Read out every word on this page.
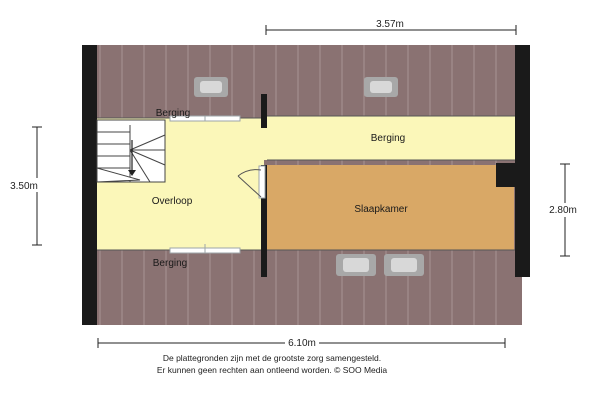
Berging
Berging
Overloop
Slaapkamer
Berging
3.57m
3.50m
2.80m
6.10m
De plattegronden zijn met de grootste zorg samengesteld.
Er kunnen geen rechten aan ontleend worden. © SOO Media
